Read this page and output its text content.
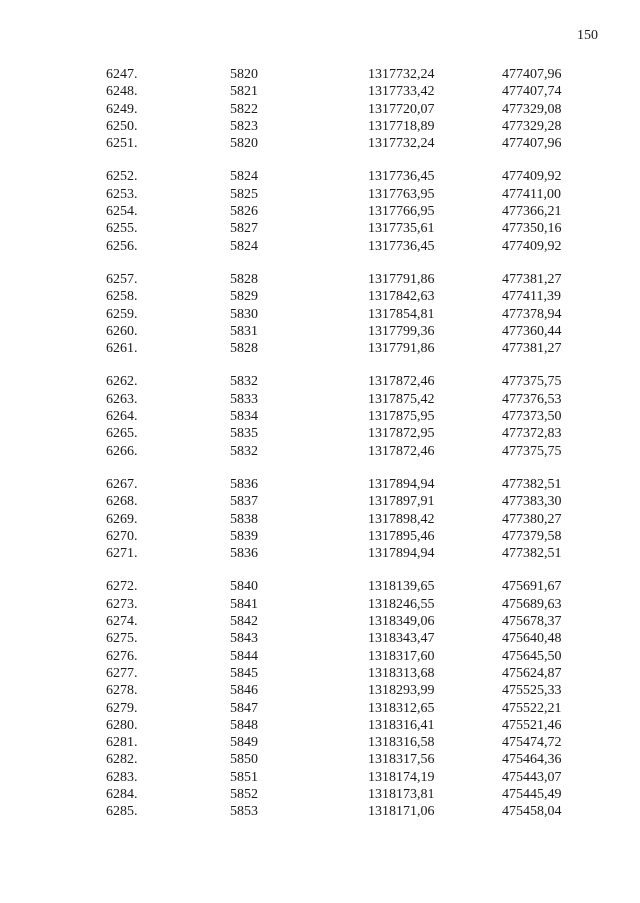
150
6247.	5820	1317732,24	477407,96
6248.	5821	1317733,42	477407,74
6249.	5822	1317720,07	477329,08
6250.	5823	1317718,89	477329,28
6251.	5820	1317732,24	477407,96
6252.	5824	1317736,45	477409,92
6253.	5825	1317763,95	477411,00
6254.	5826	1317766,95	477366,21
6255.	5827	1317735,61	477350,16
6256.	5824	1317736,45	477409,92
6257.	5828	1317791,86	477381,27
6258.	5829	1317842,63	477411,39
6259.	5830	1317854,81	477378,94
6260.	5831	1317799,36	477360,44
6261.	5828	1317791,86	477381,27
6262.	5832	1317872,46	477375,75
6263.	5833	1317875,42	477376,53
6264.	5834	1317875,95	477373,50
6265.	5835	1317872,95	477372,83
6266.	5832	1317872,46	477375,75
6267.	5836	1317894,94	477382,51
6268.	5837	1317897,91	477383,30
6269.	5838	1317898,42	477380,27
6270.	5839	1317895,46	477379,58
6271.	5836	1317894,94	477382,51
6272.	5840	1318139,65	475691,67
6273.	5841	1318246,55	475689,63
6274.	5842	1318349,06	475678,37
6275.	5843	1318343,47	475640,48
6276.	5844	1318317,60	475645,50
6277.	5845	1318313,68	475624,87
6278.	5846	1318293,99	475525,33
6279.	5847	1318312,65	475522,21
6280.	5848	1318316,41	475521,46
6281.	5849	1318316,58	475474,72
6282.	5850	1318317,56	475464,36
6283.	5851	1318174,19	475443,07
6284.	5852	1318173,81	475445,49
6285.	5853	1318171,06	475458,04
